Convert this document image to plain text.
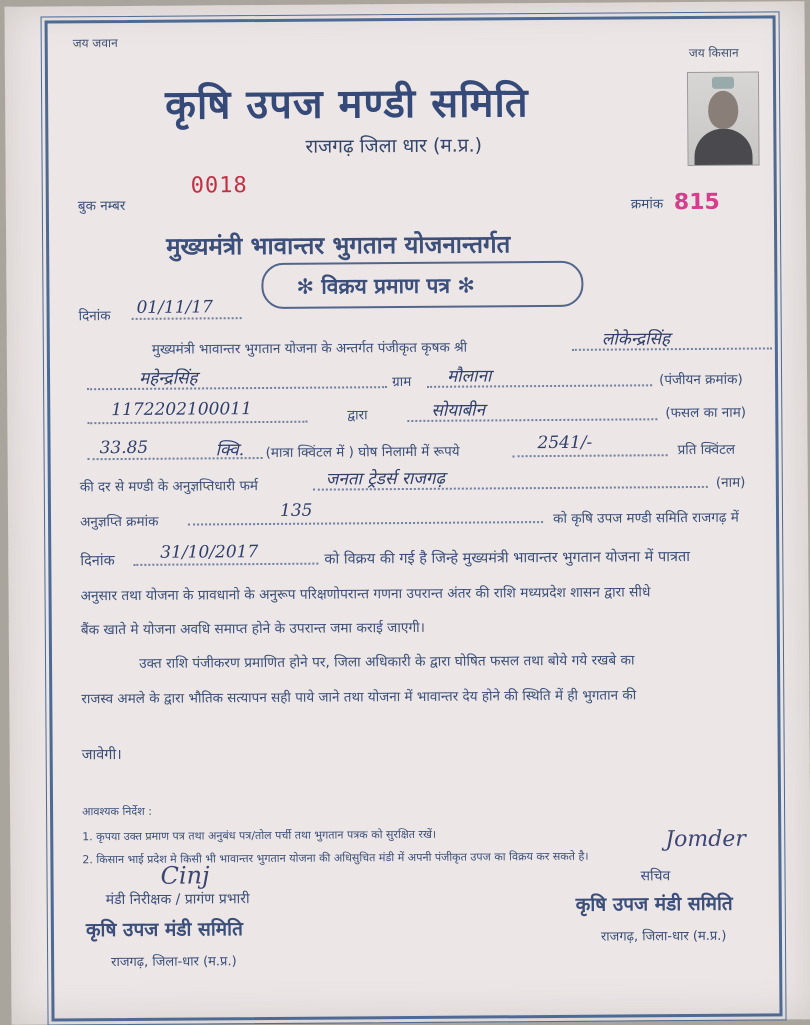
जय जवान
जय किसान
कृषि उपज मण्डी समिति
राजगढ़ जिला धार (म.प्र.)
बुक नम्बर
0018
क्रमांक 815
मुख्यमंत्री भावान्तर भुगतान योजनान्तर्गत
✻ विक्रय प्रमाण पत्र ✻
दिनांक 01/11/17
मुख्यमंत्री भावान्तर भुगतान योजना के अन्तर्गत पंजीकृत कृषक श्री	लोकेन्द्रसिंह
महेन्द्रसिंह	ग्राम मौलाना	(पंजीयन क्रमांक)
1172202100011	द्वारा	सोयाबीन	(फसल का नाम)
33.85	क्वि. (मात्रा क्विंटल में ) घोष निलामी में रूपये	2541/-	प्रति क्विंटल
की दर से मण्डी के अनुज्ञप्तिधारी फर्म	जनता ट्रेडर्स राजगढ़	(नाम)
अनुज्ञप्ति क्रमांक
135	को कृषि उपज मण्डी समिति राजगढ़ में
दिनांक	31/10/2017	को विक्रय की गई है जिन्हे मुख्यमंत्री भावान्तर भुगतान योजना में पात्रता
अनुसार तथा योजना के प्रावधानो के अनुरूप परिक्षणोपरान्त गणना उपरान्त अंतर की राशि मध्यप्रदेश शासन द्वारा सीधे
बैंक खाते मे योजना अवधि समाप्त होने के उपरान्त जमा कराई जाएगी।
उक्त राशि पंजीकरण प्रमाणित होने पर, जिला अधिकारी के द्वारा घोषित फसल तथा बोये गये रखबे का
राजस्व अमले के द्वारा भौतिक सत्यापन सही पाये जाने तथा योजना में भावान्तर देय होने की स्थिति में ही भुगतान की
जावेगी।
आवश्यक निर्देश :
1. कृपया उक्त प्रमाण पत्र तथा अनुबंध पत्र/तोल पर्ची तथा भुगतान पत्रक को सुरक्षित रखें।
2. किसान भाई प्रदेश मे किसी भी भावान्तर भुगतान योजना की अधिसुचित मंडी में अपनी पंजीकृत उपज का विक्रय कर सकते है।
Cinj
मंडी निरीक्षक / प्रागंण प्रभारी
कृषि उपज मंडी समिति
राजगढ़, जिला-धार (म.प्र.)
Jomder
सचिव
कृषि उपज मंडी समिति
राजगढ़, जिला-धार (म.प्र.)
